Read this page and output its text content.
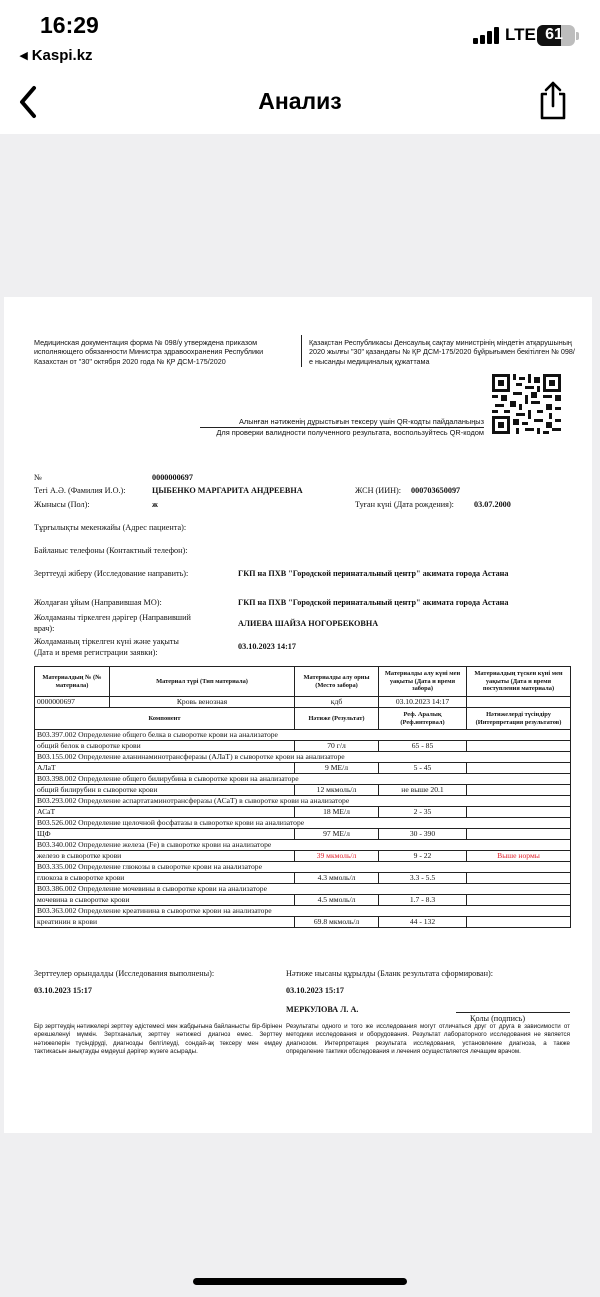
16:29
◂ Kaspi.kz
LTE 61
Анализ
Медицинская документация форма № 098/у утверждена приказом исполняющего обязанности Министра здравоохранения Республики Казахстан от "30" октября 2020 года № ҚР ДСМ-175/2020
Қазақстан Республикасы Денсаулық сақтау министрінің міндетін атқарушының 2020 жылғы "30" қазандағы № ҚР ДСМ-175/2020 бұйрығымен бекітілген № 098/е нысанды медициналық құжаттама
Алынған нәтиженің дұрыстығын тексеру үшін QR-кодты пайдаланыңыз
Для проверки валидности полученного результата, воспользуйтесь QR-кодом
№	0000000697
Тегі А.Ә. (Фамилия И.О.):	ЦЫБЕНКО МАРГАРИТА АНДРЕЕВНА	ЖСН (ИИН): 000703650097
Жынысы (Пол):	ж	Туған күні (Дата рождения): 03.07.2000
Тұрғылықты мекенжайы (Адрес пациента):
Байланыс телефоны (Контактный телефон):
Зерттеуді жіберу (Исследование направить):	ГКП на ПХВ "Городской перинатальный центр" акимата города Астана
Жолдаған ұйым (Направившая МО):	ГКП на ПХВ "Городской перинатальный центр" акимата города Астана
Жолдаманы тіркелген дәрігер (Направивший
врач):
АЛИЕВА ШАЙЗА НОГОРБЕКОВНА
Жолдаманың тіркелген күні және уақыты
(Дата и время регистрации заявки):
03.10.2023 14:17
Материалдың № (№ материала)	Материал түрі (Тип материала)	Материалды алу орны (Место забора)	Материалды алу күні мен уақыты (Дата и время забора)	Материалдың түскен күні мен уақыты (Дата и время поступления материала)
0000000697	Кровь венозная	кдб	03.10.2023 14:17	
Компонент		Нәтиже (Результат)	Реф. Аралық (Реф.интервал)	Нәтижелерді түсіндіру (Интерпретация результатов)
В03.397.002 Определение общего белка в сыворотке крови на анализаторе				
общий белок в сыворотке крови		70 г/л	65 - 85	
В03.155.002 Определение аланинаминотрансферазы (АЛаТ) в сыворотке крови на анализаторе				
АЛаТ		9 МЕ/л	5 - 45	
В03.398.002 Определение общего билирубина в сыворотке крови на анализаторе				
общий билирубин в сыворотке крови		12 мкмоль/л	не выше 20.1	
В03.293.002 Определение аспартатаминотрансферазы (АСаТ) в сыворотке крови на анализаторе				
АСаТ		18 МЕ/л	2 - 35	
В03.526.002 Определение щелочной фосфатазы в сыворотке крови на анализаторе				
ЩФ		97 МЕ/л	30 - 390	
В03.340.002 Определение железа (Fe) в сыворотке крови на анализаторе				
железо в сыворотке крови		39 мкмоль/л	9 - 22	Выше нормы
В03.335.002 Определение глюкозы в сыворотке крови на анализаторе				
глюкоза в сыворотке крови		4.3 ммоль/л	3.3 - 5.5	
В03.386.002 Определение мочевины в сыворотке крови на анализаторе				
мочевина в сыворотке крови		4.5 ммоль/л	1.7 - 8.3	
В03.363.002 Определение креатинина в сыворотке крови на анализаторе				
креатинин в крови		69.8 мкмоль/л	44 - 132	
Зерттеулер орындалды (Исследования выполнены):
03.10.2023 15:17
Нәтиже нысаны құрылды (Бланк результата сформирован):
03.10.2023 15:17
МЕРКУЛОВА Л. А.
Қолы (подпись)
Бір зерттеудің нәтижелері зерттеу әдістемесі мен жабдығына байланысты бір-бірінен ерекшеленуі мүмкін. Зертханалық зерттеу нәтижесі диагноз емес. Зерттеу нәтижелерін түсіндіруді, диагнозды белгілеуді, сондай-ақ тексеру мен емдеу тактикасын анықтауды емдеуші дәрігер жүзеге асырады.
Результаты одного и того же исследования могут отличаться друг от друга в зависимости от методики исследования и оборудования. Результат лабораторного исследования не является диагнозом. Интерпретация результата исследования, установление диагноза, а также определение тактики обследования и лечения осуществляется лечащим врачом.
